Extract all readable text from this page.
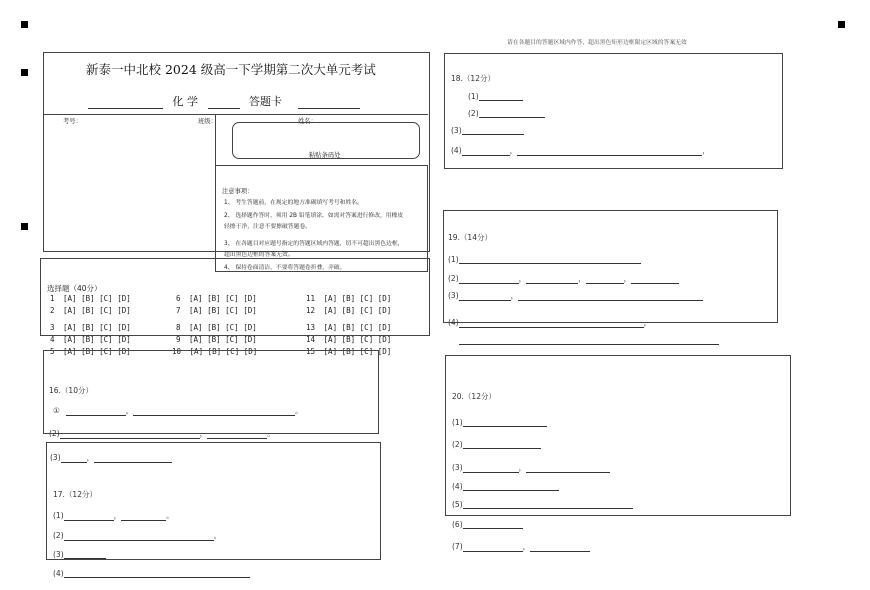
请在各题目的答题区域内作答，超出黑色矩形边框限定区域的答案无效
新泰一中北校 2024 级高一下学期第二次大单元考试
化 学	答题卡
考号：	班级：	姓名：
粘贴条码处
注意事项：
1、 考生答题前，在规定的地方准确填写考号和姓名。
2、 选择题作答时，须用 2B 铅笔填涂，如需对答案进行修改，用橡皮
轻擦干净，注意不要擦破答题卷。
3、 在各题目对应题号指定的答题区域内答题，切不可超出黑色边框，
超出黑色边框的答案无效。
4、 保持卷面清洁，不要将答题卷折叠，弄破。
选择题（40分）
1 [A] [B] [C] [D]	6 [A] [B] [C] [D]	11 [A] [B] [C] [D]
2 [A] [B] [C] [D]	7 [A] [B] [C] [D]	12 [A] [B] [C] [D]
3 [A] [B] [C] [D]	8 [A] [B] [C] [D]	13 [A] [B] [C] [D]
4 [A] [B] [C] [D]	9 [A] [B] [C] [D]	14 [A] [B] [C] [D]
5 [A] [B] [C] [D]	10 [A] [B] [C] [D]	15 [A] [B] [C] [D]
16.（10分）
①	，	。
(2)	，	。
(3)	，
17.（12分）
(1)	，	。
(2)	。
(3)
(4)
18.（12分）
(1)
(2)
(3)
(4)	，	，
19.（14分）
(1)
(2)	，	，	，
(3)	，
(4)	，
20.（12分）
(1)
(2)
(3)	，
(4)
(5)
(6)
(7)	，
